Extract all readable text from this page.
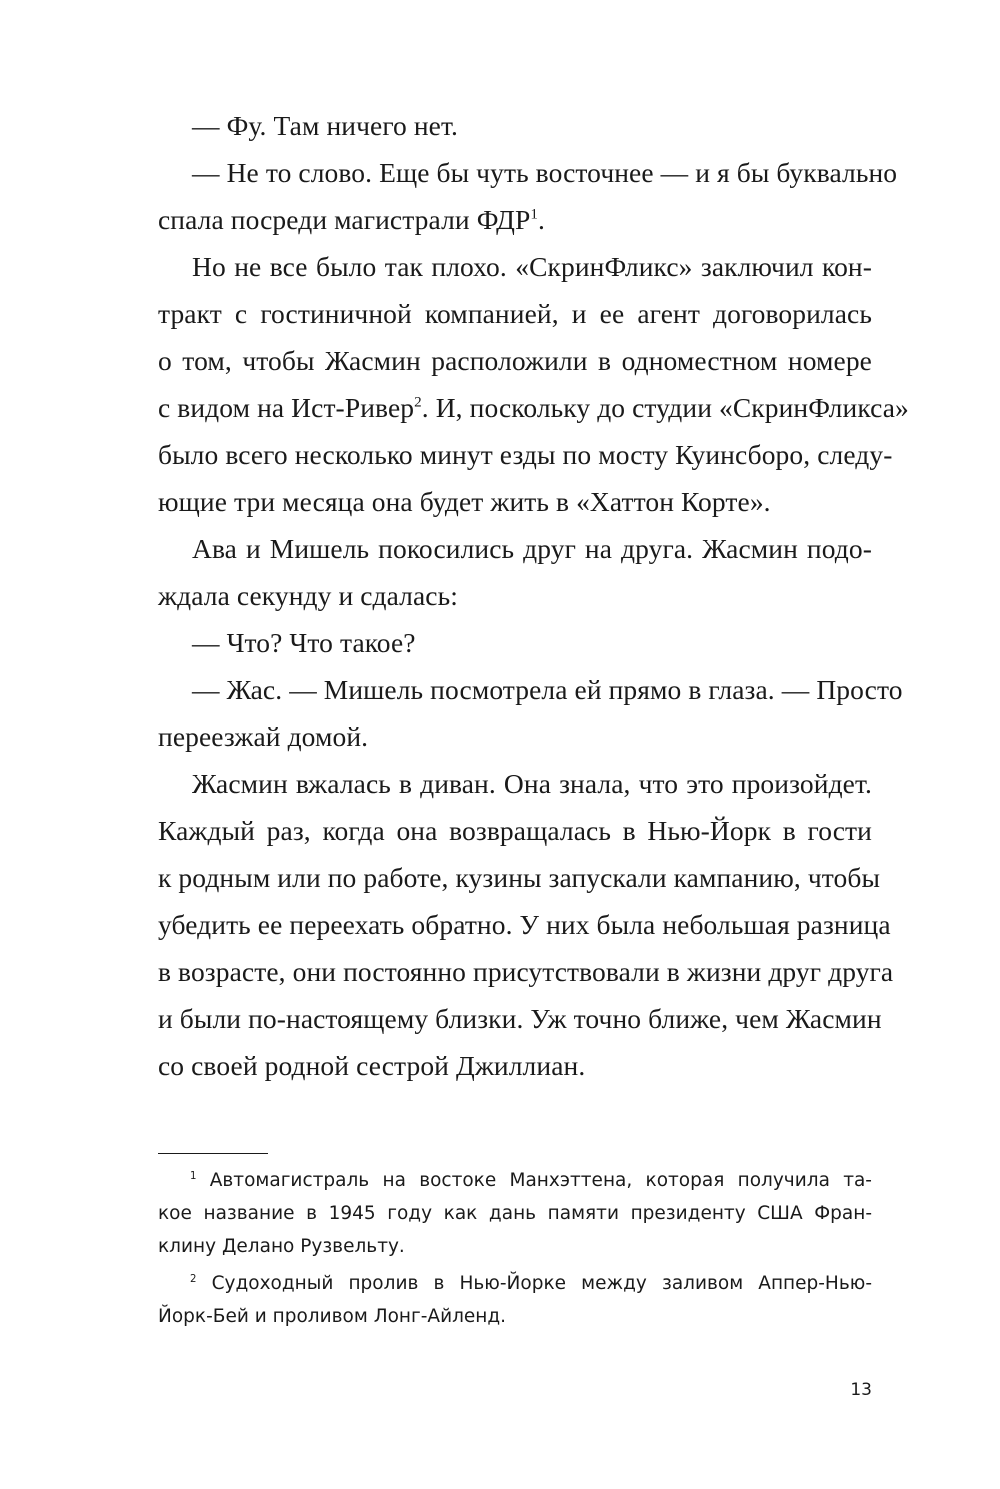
— Фу. Там ничего нет.
— Не то слово. Еще бы чуть восточнее — и я бы буквально
спала посреди магистрали ФДР$^1$.
Но не все было так плохо. «СкринФликс» заключил кон-
тракт с гостиничной компанией, и ее агент договорилась
о том, чтобы Жасмин расположили в одноместном номере
с видом на Ист-Ривер$^2$. И, поскольку до студии «СкринФликса»
было всего несколько минут езды по мосту Куинсборо, следу-
ющие три месяца она будет жить в «Хаттон Корте».
Ава и Мишель покосились друг на друга. Жасмин подо-
ждала секунду и сдалась:
— Что? Что такое?
— Жас. — Мишель посмотрела ей прямо в глаза. — Просто
переезжай домой.
Жасмин вжалась в диван. Она знала, что это произойдет.
Каждый раз, когда она возвращалась в Нью-Йорк в гости
к родным или по работе, кузины запускали кампанию, чтобы
убедить ее переехать обратно. У них была небольшая разница
в возрасте, они постоянно присутствовали в жизни друг друга
и были по-настоящему близки. Уж точно ближе, чем Жасмин
со своей родной сестрой Джиллиан.
$^1$ Автомагистраль на востоке Манхэттена, которая получила та-
кое название в 1945 году как дань памяти президенту США Фран-
клину Делано Рузвельту.
$^2$ Судоходный пролив в Нью-Йорке между заливом Аппер-Нью-
Йорк-Бей и проливом Лонг-Айленд.
13
